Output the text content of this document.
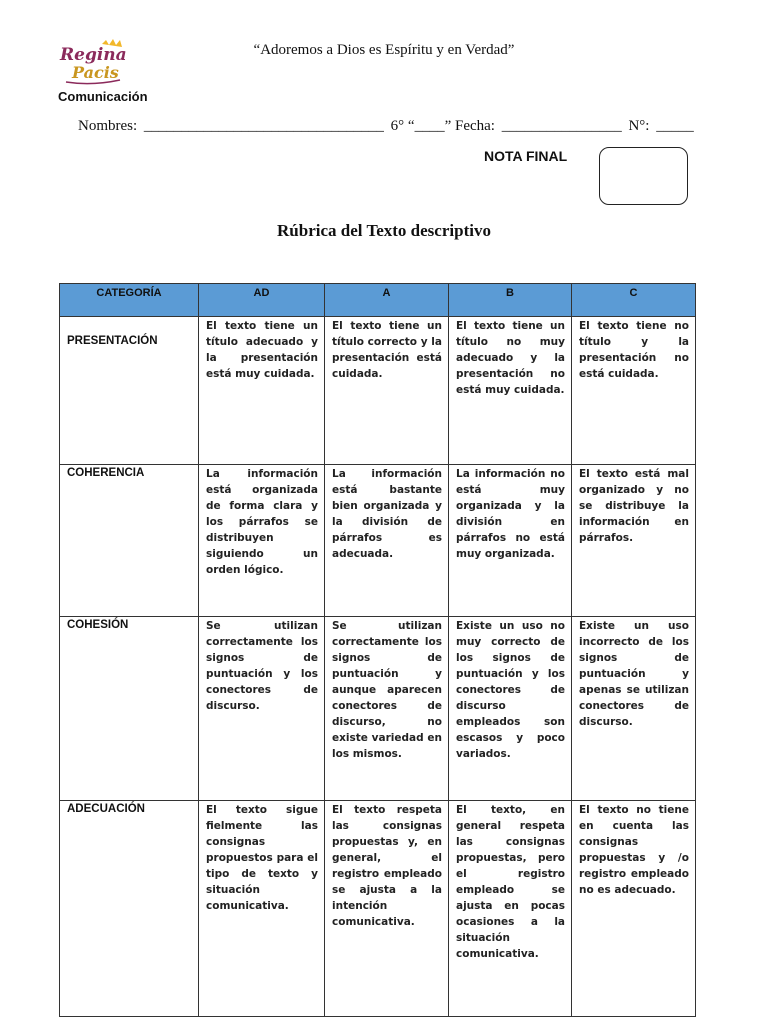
Regina
Pacis
“Adoremos a Dios es Espíritu y en Verdad”
Comunicación
Nombres: ________________________________ 6° “____” Fecha: ________________ N°: _____
NOTA FINAL
Rúbrica del Texto descriptivo
CATEGORÍA	AD	A	B	C
PRESENTACIÓN	El texto tiene un título adecuado y la presentación está muy cuidada.	El texto tiene un título correcto y la presentación está cuidada.	El texto tiene un título no muy adecuado y la presentación no está muy cuidada.	El texto tiene no título y la presentación no está cuidada.
COHERENCIA	La información está organizada de forma clara y los párrafos se distribuyen siguiendo un orden lógico.	La información está bastante bien organizada y la división de párrafos es adecuada.	La información no está muy organizada y la división en párrafos no está muy organizada.	El texto está mal organizado y no se distribuye la información en párrafos.
COHESIÓN	Se utilizan correctamente los signos de puntuación y los conectores de discurso.	Se utilizan correctamente los signos de puntuación y aunque aparecen conectores de discurso, no existe variedad en los mismos.	Existe un uso no muy correcto de los signos de puntuación y los conectores de discurso empleados son escasos y poco variados.	Existe un uso incorrecto de los signos de puntuación y apenas se utilizan conectores de discurso.
ADECUACIÓN	El texto sigue fielmente las consignas propuestos para el tipo de texto y situación comunicativa.	El texto respeta las consignas propuestas y, en general, el registro empleado se ajusta a la intención comunicativa.	El texto, en general respeta las consignas propuestas, pero el registro empleado se ajusta en pocas ocasiones a la situación comunicativa.	El texto no tiene en cuenta las consignas propuestas y /o registro empleado no es adecuado.
